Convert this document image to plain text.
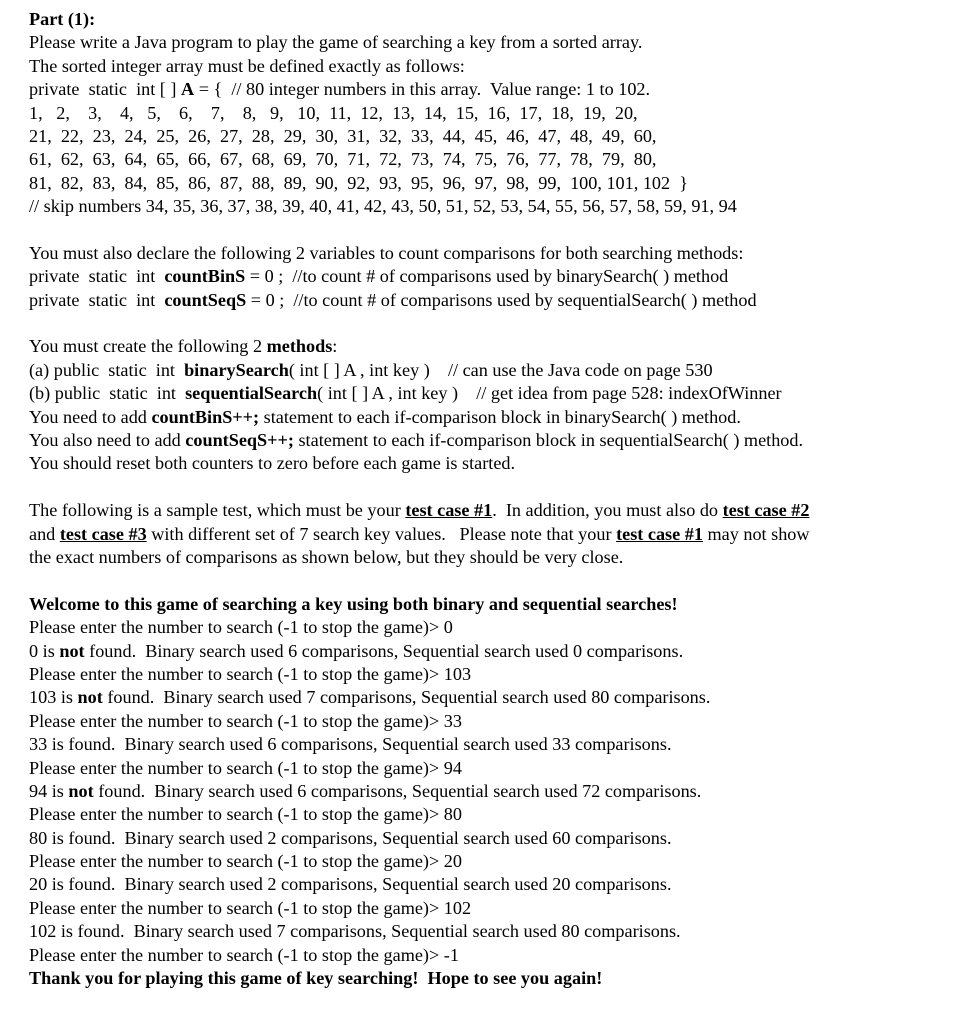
Part (1):
Please write a Java program to play the game of searching a key from a sorted array.
The sorted integer array must be defined exactly as follows:
private  static  int [ ] A = {  // 80 integer numbers in this array.  Value range: 1 to 102.
1,   2,    3,    4,   5,    6,    7,    8,   9,   10,  11,  12,  13,  14,  15,  16,  17,  18,  19,  20,
21,  22,  23,  24,  25,  26,  27,  28,  29,  30,  31,  32,  33,  44,  45,  46,  47,  48,  49,  60,
61,  62,  63,  64,  65,  66,  67,  68,  69,  70,  71,  72,  73,  74,  75,  76,  77,  78,  79,  80,
81,  82,  83,  84,  85,  86,  87,  88,  89,  90,  92,  93,  95,  96,  97,  98,  99,  100, 101, 102  }
// skip numbers 34, 35, 36, 37, 38, 39, 40, 41, 42, 43, 50, 51, 52, 53, 54, 55, 56, 57, 58, 59, 91, 94
You must also declare the following 2 variables to count comparisons for both searching methods:
private  static  int  countBinS = 0 ;  //to count # of comparisons used by binarySearch( ) method
private  static  int  countSeqS = 0 ;  //to count # of comparisons used by sequentialSearch( ) method
You must create the following 2 methods:
(a) public  static  int  binarySearch( int [ ] A , int key )    // can use the Java code on page 530
(b) public  static  int  sequentialSearch( int [ ] A , int key )    // get idea from page 528: indexOfWinner
You need to add countBinS++; statement to each if-comparison block in binarySearch( ) method.
You also need to add countSeqS++; statement to each if-comparison block in sequentialSearch( ) method.
You should reset both counters to zero before each game is started.
The following is a sample test, which must be your test case #1.  In addition, you must also do test case #2
and test case #3 with different set of 7 search key values.   Please note that your test case #1 may not show
the exact numbers of comparisons as shown below, but they should be very close.
Welcome to this game of searching a key using both binary and sequential searches!
Please enter the number to search (-1 to stop the game)> 0
0 is not found.  Binary search used 6 comparisons, Sequential search used 0 comparisons.
Please enter the number to search (-1 to stop the game)> 103
103 is not found.  Binary search used 7 comparisons, Sequential search used 80 comparisons.
Please enter the number to search (-1 to stop the game)> 33
33 is found.  Binary search used 6 comparisons, Sequential search used 33 comparisons.
Please enter the number to search (-1 to stop the game)> 94
94 is not found.  Binary search used 6 comparisons, Sequential search used 72 comparisons.
Please enter the number to search (-1 to stop the game)> 80
80 is found.  Binary search used 2 comparisons, Sequential search used 60 comparisons.
Please enter the number to search (-1 to stop the game)> 20
20 is found.  Binary search used 2 comparisons, Sequential search used 20 comparisons.
Please enter the number to search (-1 to stop the game)> 102
102 is found.  Binary search used 7 comparisons, Sequential search used 80 comparisons.
Please enter the number to search (-1 to stop the game)> -1
Thank you for playing this game of key searching!  Hope to see you again!
